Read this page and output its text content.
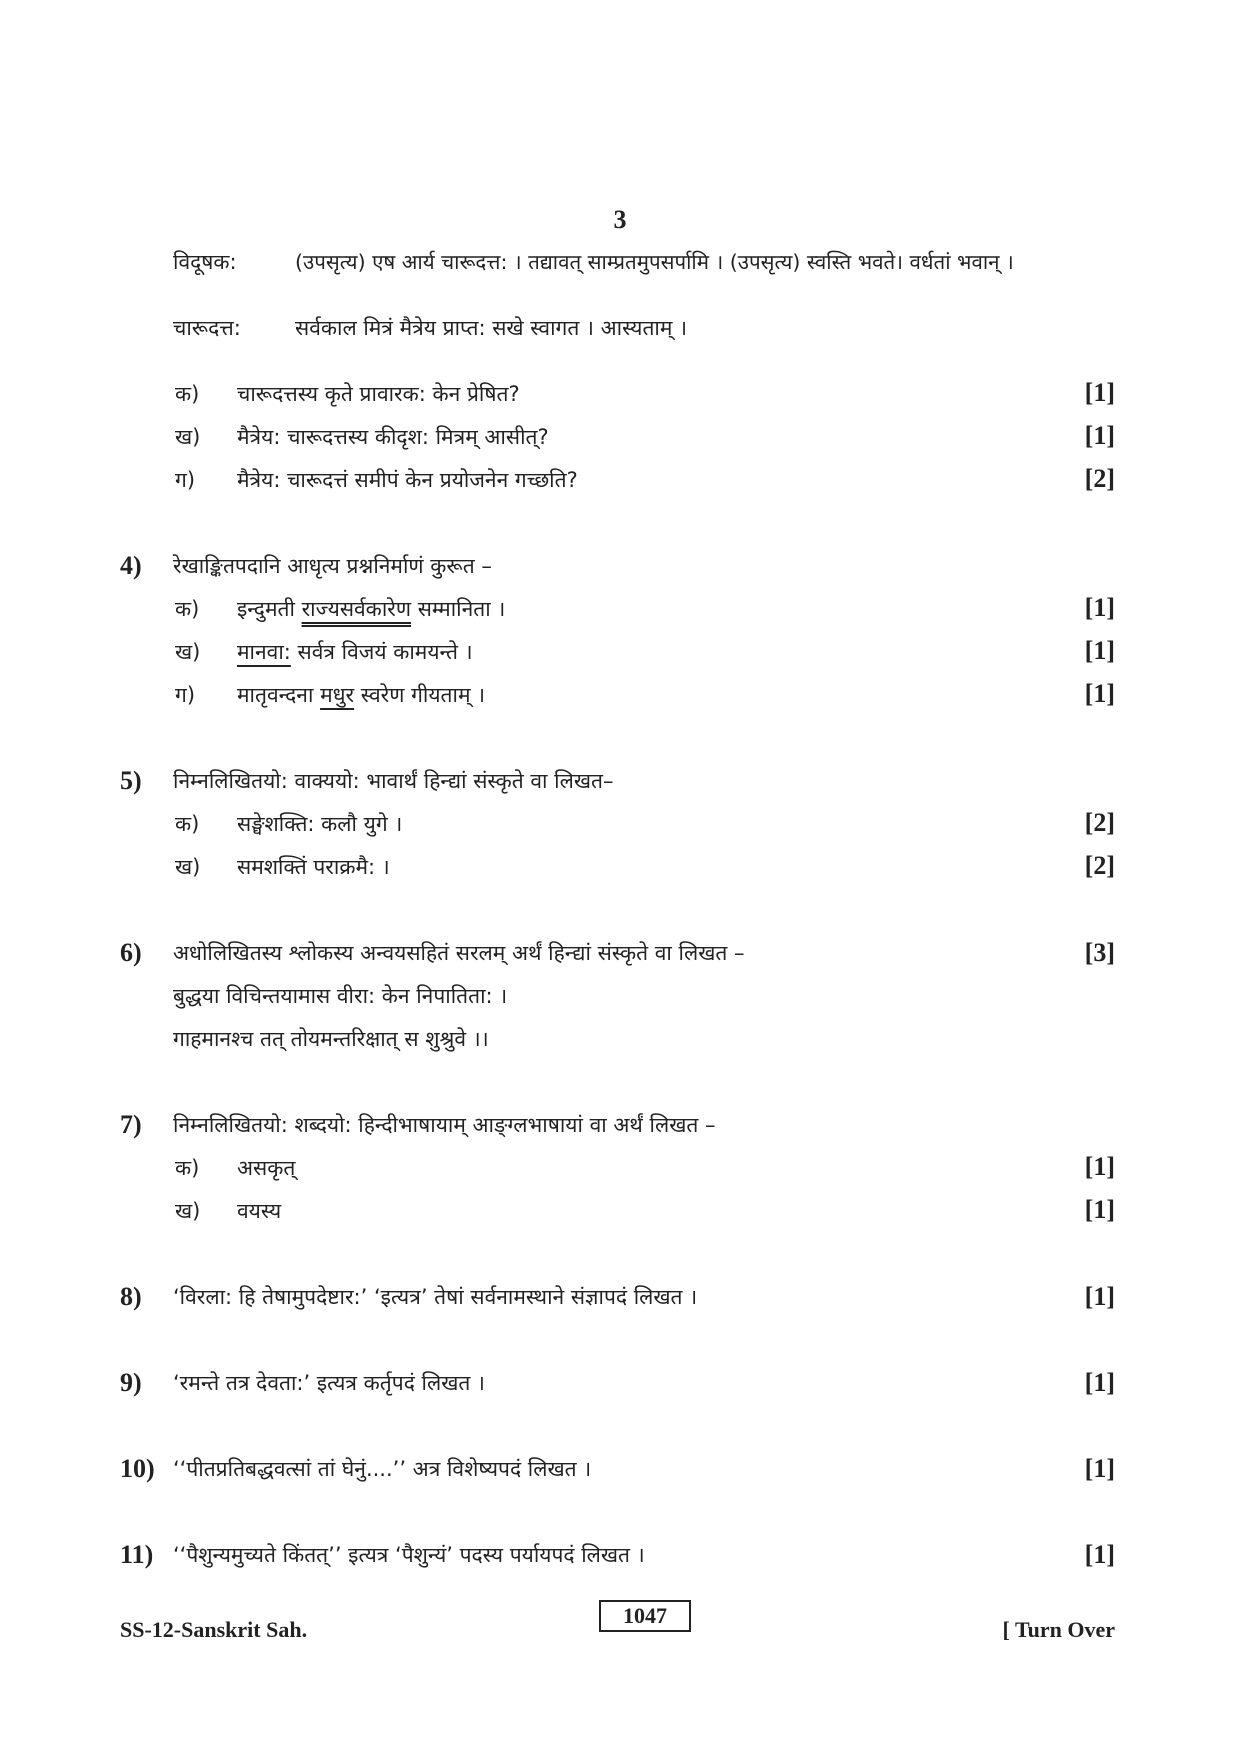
3
विदूषक:	(उपसृत्य) एष आर्य चारूदत्त: । तद्यावत् साम्प्रतमुपसर्पामि । (उपसृत्य) स्वस्ति भवते। वर्धतां भवान् ।
चारूदत्त:	सर्वकाल मित्रं मैत्रेय प्राप्त: सखे स्वागत । आस्यताम् ।
क) चारूदत्तस्य कृते प्रावारक: केन प्रेषित?	[1]
ख) मैत्रेय: चारूदत्तस्य कीदृश: मित्रम् आसीत्?	[1]
ग) मैत्रेय: चारूदत्तं समीपं केन प्रयोजनेन गच्छति?	[2]
4) रेखाङ्कितपदानि आधृत्य प्रश्ननिर्माणं कुरूत –
क) इन्दुमती राज्यसर्वकारेण सम्मानिता ।	[1]
ख) मानवा: सर्वत्र विजयं कामयन्ते ।	[1]
ग) मातृवन्दना मधुर स्वरेण गीयताम् ।	[1]
5) निम्नलिखितयो: वाक्ययो: भावार्थं हिन्द्यां संस्कृते वा लिखत–
क) सङ्घेशक्ति: कलौ युगे ।	[2]
ख) समशक्तिं पराक्रमै: ।	[2]
6) अधोलिखितस्य श्लोकस्य अन्वयसहितं सरलम् अर्थं हिन्द्यां संस्कृते वा लिखत –	[3]
बुद्धया विचिन्तयामास वीरा: केन निपातिता: ।
गाहमानश्च तत् तोयमन्तरिक्षात् स शुश्रुवे ।।
7) निम्नलिखितयो: शब्दयो: हिन्दीभाषायाम् आङ्ग्लभाषायां वा अर्थं लिखत –
क) असकृत्	[1]
ख) वयस्य	[1]
8) ‘विरला: हि तेषामुपदेष्टार:’ ‘इत्यत्र’ तेषां सर्वनामस्थाने संज्ञापदं लिखत ।	[1]
9) ‘रमन्ते तत्र देवता:’ इत्यत्र कर्तृपदं लिखत ।	[1]
10) ‘‘पीतप्रतिबद्धवत्सां तां घेनुं....’’ अत्र विशेष्यपदं लिखत ।	[1]
11) ‘‘पैशुन्यमुच्यते किंतत्’’ इत्यत्र ‘पैशुन्यं’ पदस्य पर्यायपदं लिखत ।	[1]
SS-12-Sanskrit Sah.
1047
[ Turn Over
